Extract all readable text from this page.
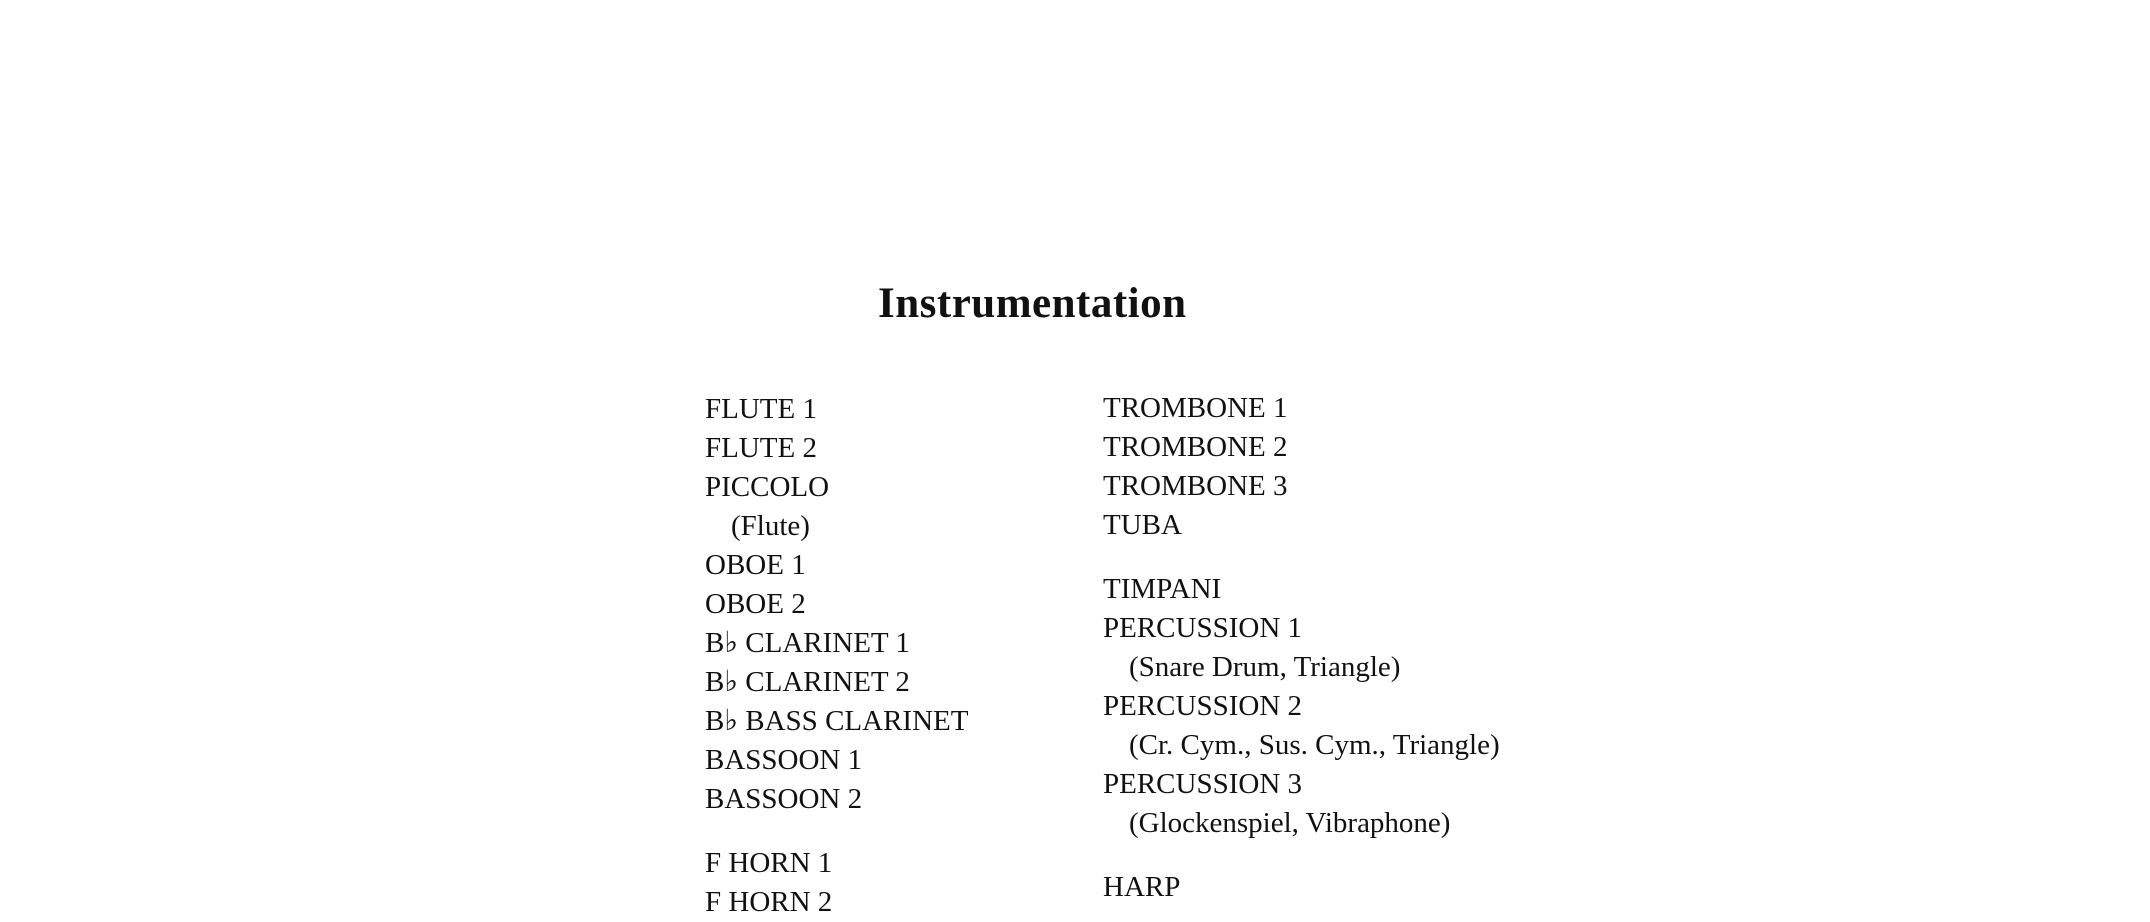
Instrumentation
FLUTE 1
FLUTE 2
PICCOLO
(Flute)
OBOE 1
OBOE 2
B♭ CLARINET 1
B♭ CLARINET 2
B♭ BASS CLARINET
BASSOON 1
BASSOON 2
F HORN 1
F HORN 2
TROMBONE 1
TROMBONE 2
TROMBONE 3
TUBA
TIMPANI
PERCUSSION 1
(Snare Drum, Triangle)
PERCUSSION 2
(Cr. Cym., Sus. Cym., Triangle)
PERCUSSION 3
(Glockenspiel, Vibraphone)
HARP
